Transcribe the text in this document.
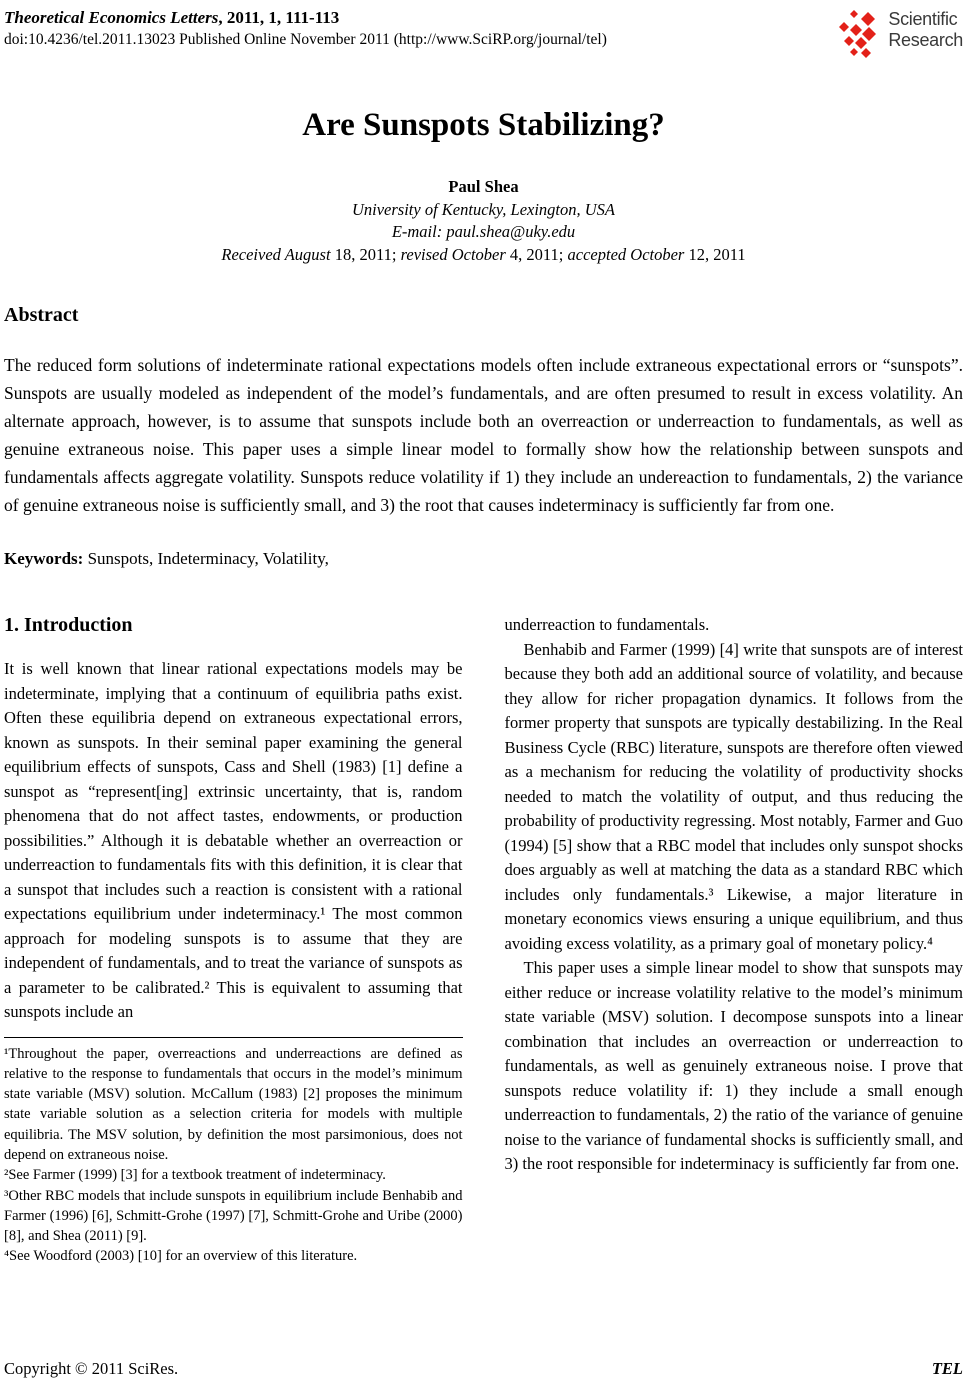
Theoretical Economics Letters, 2011, 1, 111-113
doi:10.4236/tel.2011.13023 Published Online November 2011 (http://www.SciRP.org/journal/tel)
Scientific
Research
Are Sunspots Stabilizing?
Paul Shea
University of Kentucky, Lexington, USA
E-mail: paul.shea@uky.edu
Received August 18, 2011; revised October 4, 2011; accepted October 12, 2011
Abstract

The reduced form solutions of indeterminate rational expectations models often include extraneous expectational errors or “sunspots”. Sunspots are usually modeled as independent of the model’s fundamentals, and are often presumed to result in excess volatility. An alternate approach, however, is to assume that sunspots include both an overreaction or underreaction to fundamentals, as well as genuine extraneous noise. This paper uses a simple linear model to formally show how the relationship between sunspots and fundamentals affects aggregate volatility. Sunspots reduce volatility if 1) they include an undereaction to fundamentals, 2) the variance of genuine extraneous noise is sufficiently small, and 3) the root that causes indeterminacy is sufficiently far from one.

Keywords: Sunspots, Indeterminacy, Volatility,

1. Introduction

It is well known that linear rational expectations models may be indeterminate, implying that a continuum of equilibria paths exist. Often these equilibria depend on extraneous expectational errors, known as sunspots. In their seminal paper examining the general equilibrium effects of sunspots, Cass and Shell (1983) [1] define a sunspot as “represent[ing] extrinsic uncertainty, that is, random phenomena that do not affect tastes, endowments, or production possibilities.” Although it is debatable whether an overreaction or underreaction to fundamentals fits with this definition, it is clear that a sunspot that includes such a reaction is consistent with a rational expectations equilibrium under indeterminacy.¹ The most common approach for modeling sunspots is to assume that they are independent of fundamentals, and to treat the variance of sunspots as a parameter to be calibrated.² This is equivalent to assuming that sunspots include an

¹Throughout the paper, overreactions and underreactions are defined as relative to the response to fundamentals that occurs in the model’s minimum state variable (MSV) solution. McCallum (1983) [2] proposes the minimum state variable solution as a selection criteria for models with multiple equilibria. The MSV solution, by definition the most parsimonious, does not depend on extraneous noise.

²See Farmer (1999) [3] for a textbook treatment of indeterminacy.

³Other RBC models that include sunspots in equilibrium include Benhabib and Farmer (1996) [6], Schmitt-Grohe (1997) [7], Schmitt-Grohe and Uribe (2000) [8], and Shea (2011) [9].

⁴See Woodford (2003) [10] for an overview of this literature.

underreaction to fundamentals.

Benhabib and Farmer (1999) [4] write that sunspots are of interest because they both add an additional source of volatility, and because they allow for richer propagation dynamics. It follows from the former property that sunspots are typically destabilizing. In the Real Business Cycle (RBC) literature, sunspots are therefore often viewed as a mechanism for reducing the volatility of productivity shocks needed to match the volatility of output, and thus reducing the probability of productivity regressing. Most notably, Farmer and Guo (1994) [5] show that a RBC model that includes only sunspot shocks does arguably as well at matching the data as a standard RBC which includes only fundamentals.³ Likewise, a major literature in monetary economics views ensuring a unique equilibrium, and thus avoiding excess volatility, as a primary goal of monetary policy.⁴

This paper uses a simple linear model to show that sunspots may either reduce or increase volatility relative to the model’s minimum state variable (MSV) solution. I decompose sunspots into a linear combination that includes an overreaction or underreaction to fundamentals, as well as genuinely extraneous noise. I prove that sunspots reduce volatility if: 1) they include a small enough underreaction to fundamentals, 2) the ratio of the variance of genuine noise to the variance of fundamental shocks is sufficiently small, and 3) the root responsible for indeterminacy is sufficiently far from one.

Copyright © 2011 SciRes.	TEL
